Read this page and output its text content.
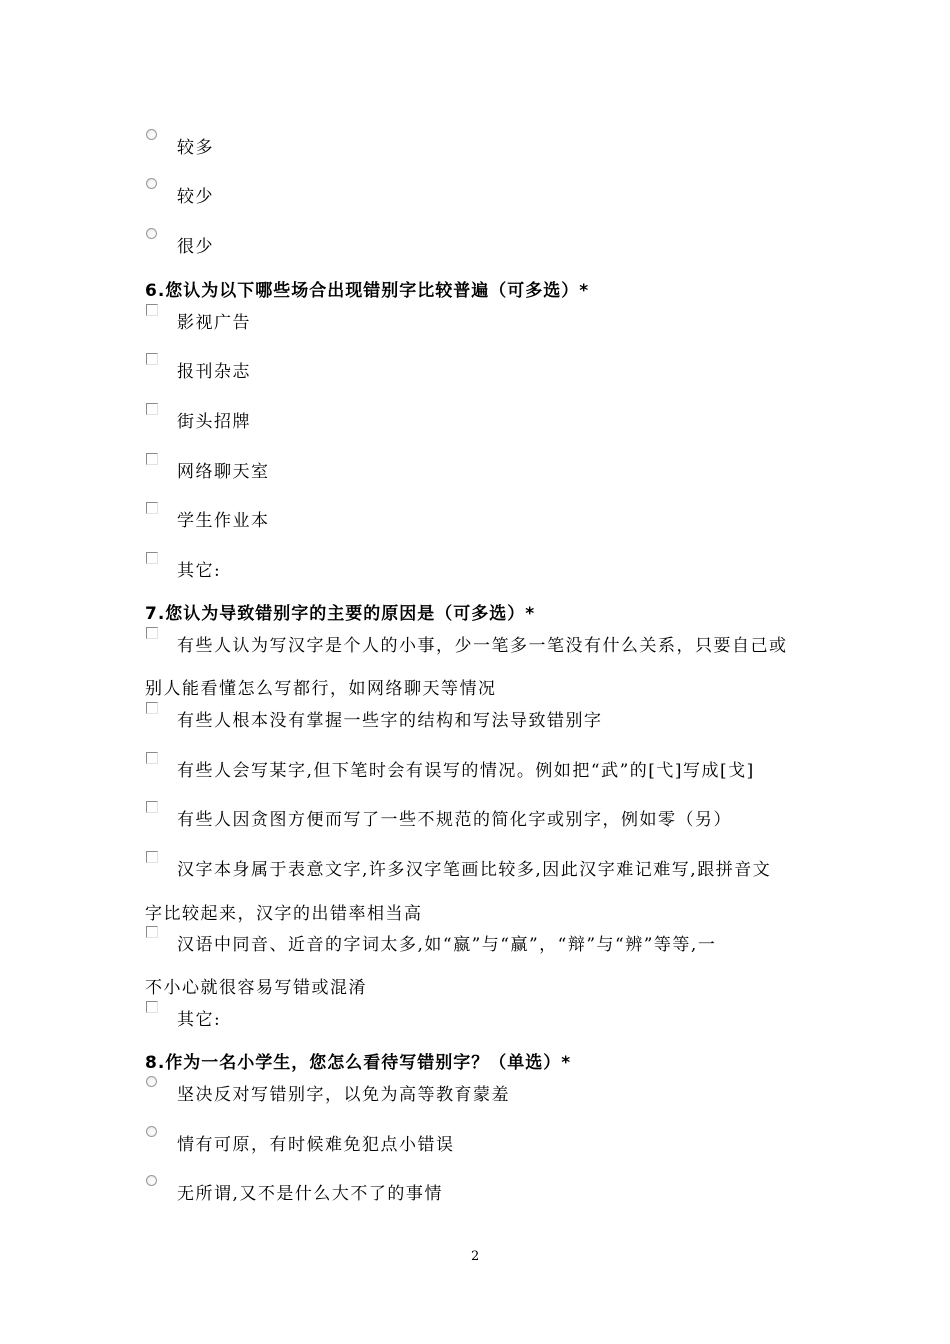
较多
较少
很少
6.您认为以下哪些场合出现错别字比较普遍（可多选）*
影视广告
报刊杂志
街头招牌
网络聊天室
学生作业本
其它:
7.您认为导致错别字的主要的原因是（可多选）*
有些人认为写汉字是个人的小事，少一笔多一笔没有什么关系，只要自己或
别人能看懂怎么写都行，如网络聊天等情况
有些人根本没有掌握一些字的结构和写法导致错别字
有些人会写某字,但下笔时会有误写的情况。例如把“武”的[弋]写成[戈]
有些人因贪图方便而写了一些不规范的简化字或别字，例如零（另）
汉字本身属于表意文字,许多汉字笔画比较多,因此汉字难记难写,跟拼音文
字比较起来，汉字的出错率相当高
汉语中同音、近音的字词太多,如“嬴”与“赢”，“辩”与“辨”等等,一
不小心就很容易写错或混淆
其它:
8.作为一名小学生，您怎么看待写错别字？（单选）*
坚决反对写错别字，以免为高等教育蒙羞
情有可原，有时候难免犯点小错误
无所谓,又不是什么大不了的事情
2
